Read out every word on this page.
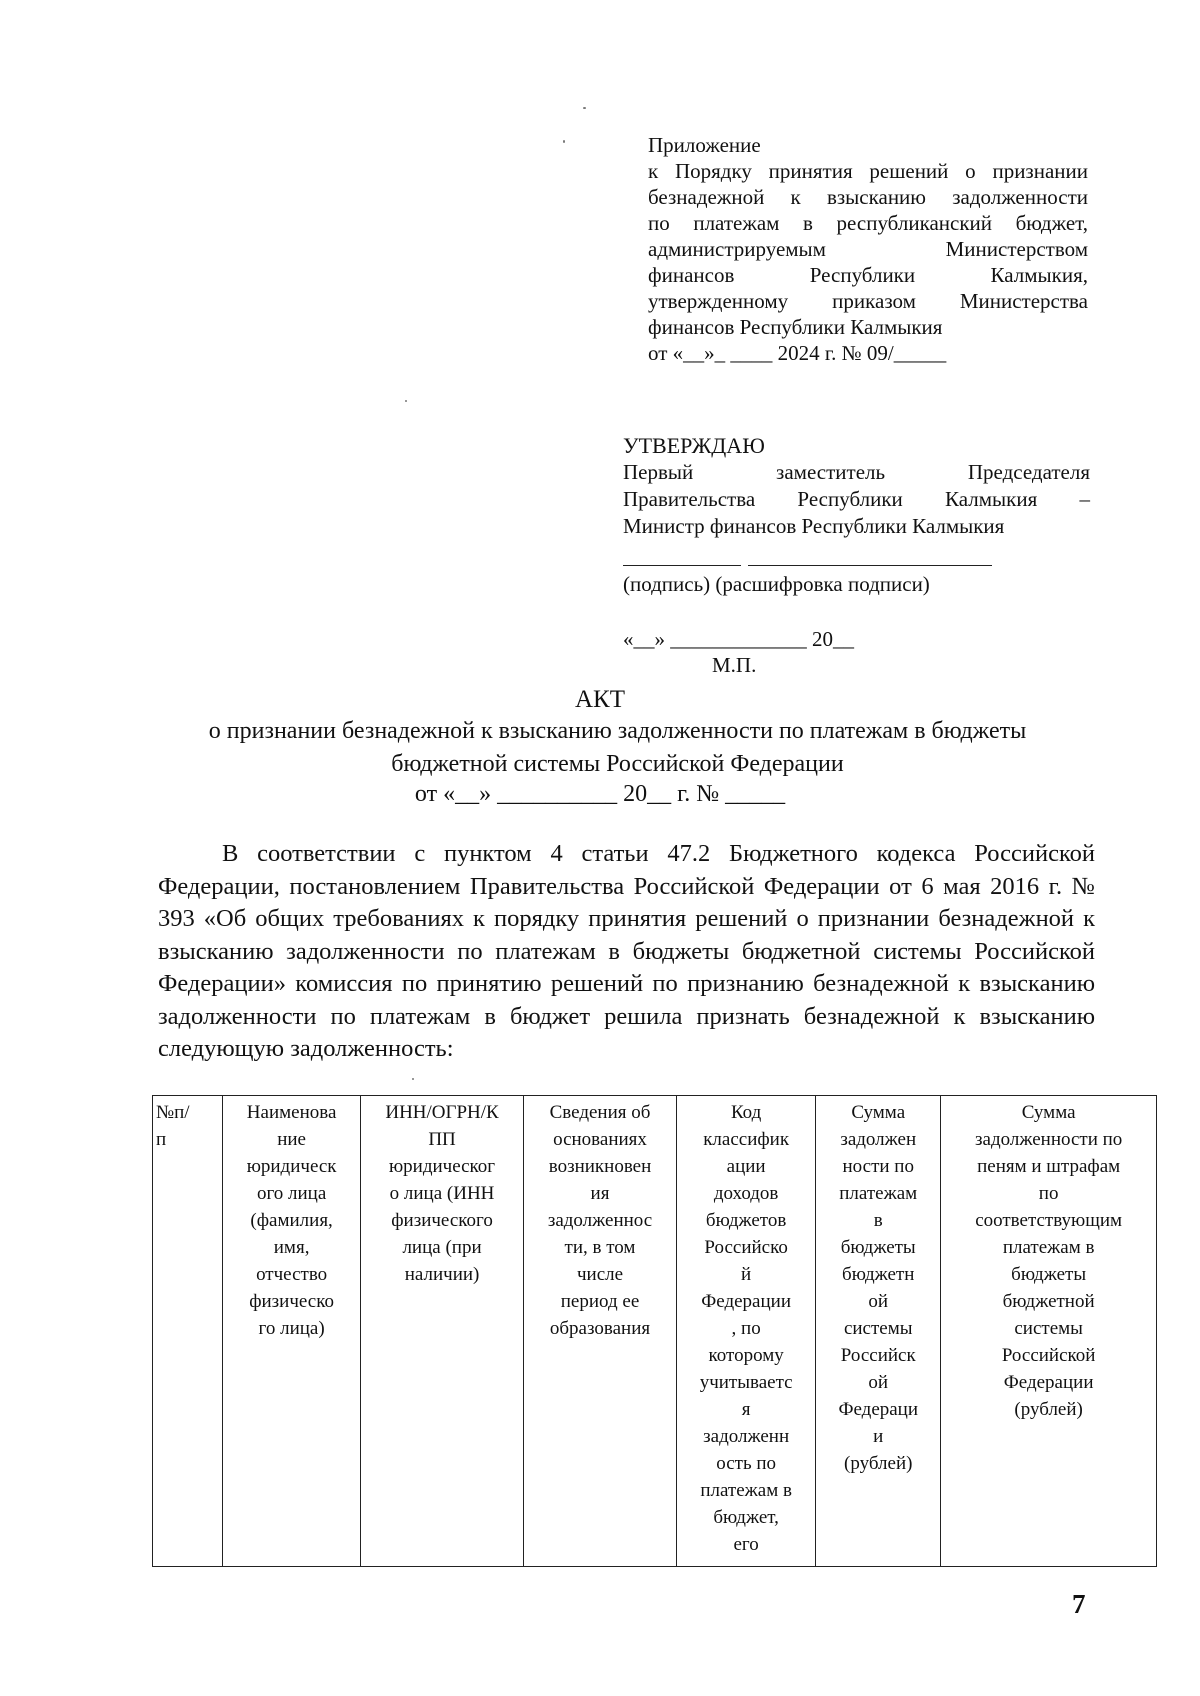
Приложение
к Порядку принятия решений о признании
безнадежной к взысканию задолженности
по платежам в республиканский бюджет,
администрируемым Министерством
финансов Республики Калмыкия,
утвержденному приказом Министерства
финансов Республики Калмыкия
от «__»_ ____ 2024 г. № 09/_____
УТВЕРЖДАЮ
Первый заместитель Председателя
Правительства Республики Калмыкия –
Министр финансов Республики Калмыкия
(подпись) (расшифровка подписи)
«__» _____________ 20__
М.П.
АКТ
о признании безнадежной к взысканию задолженности по платежам в бюджеты бюджетной системы Российской Федерации
от «__» __________ 20__ г. № _____
В соответствии с пунктом 4 статьи 47.2 Бюджетного кодекса Российской Федерации, постановлением Правительства Российской Федерации от 6 мая 2016 г. № 393 «Об общих требованиях к порядку принятия решений о признании безнадежной к взысканию задолженности по платежам в бюджеты бюджетной системы Российской Федерации» комиссия по принятию решений по признанию безнадежной к взысканию задолженности по платежам в бюджет решила признать безнадежной к взысканию следующую задолженность:
№п/
п	Наименова
ние
юридическ
ого лица
(фамилия,
имя,
отчество
физическо
го лица)	ИНН/ОГРН/К
ПП
юридическог
о лица (ИНН
физического
лица (при
наличии)	Сведения об
основаниях
возникновен
ия
задолженнос
ти, в том
числе
период ее
образования	Код
классифик
ации
доходов
бюджетов
Российско
й
Федерации
, по
которому
учитываетс
я
задолженн
ость по
платежам в
бюджет,
его	Сумма
задолжен
ности по
платежам
в
бюджеты
бюджетн
ой
системы
Российск
ой
Федераци
и
(рублей)	Сумма
задолженности по
пеням и штрафам
по
соответствующим
платежам в
бюджеты
бюджетной
системы
Российской
Федерации
(рублей)
7
